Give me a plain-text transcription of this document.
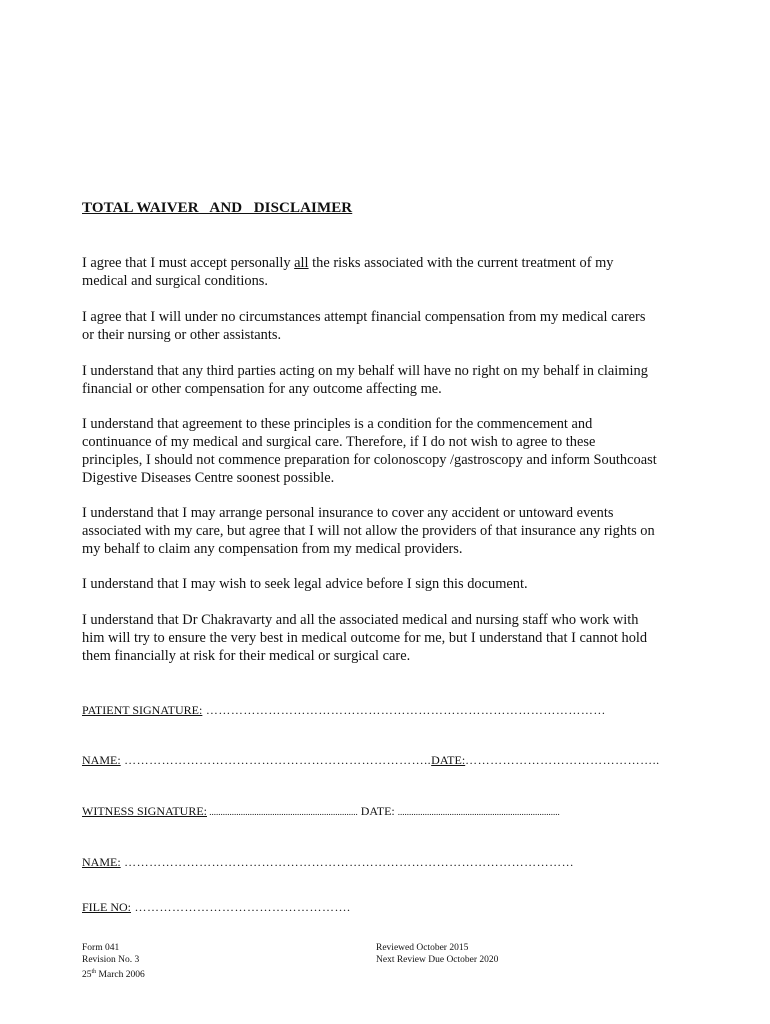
TOTAL WAIVER   AND   DISCLAIMER
I agree that I must accept personally all the risks associated with the current treatment of my
medical and surgical conditions.
I agree that I will under no circumstances attempt financial compensation from my medical carers
or their nursing or other assistants.
I understand that any third parties acting on my behalf will have no right on my behalf in claiming
financial or other compensation for any outcome affecting me.
I understand that agreement to these principles is a condition for the commencement and
continuance of my medical and surgical care. Therefore, if I do not wish to agree to these
principles, I should not commence preparation for colonoscopy /gastroscopy and inform Southcoast
Digestive Diseases Centre soonest possible.
I understand that I may arrange personal insurance to cover any accident or untoward events
associated with my care, but agree that I will not allow the providers of that insurance any rights on
my behalf to claim any compensation from my medical providers.
I understand that I may wish to seek legal advice before I sign this document.
I understand that Dr Chakravarty and all the associated medical and nursing staff who work with
him will try to ensure the very best in medical outcome for me, but I understand that I cannot hold
them financially at risk for their medical or surgical care.
PATIENT SIGNATURE: ……………………………………………………………………………………
NAME: ………………………………………………………………..DATE:………………………………………..
WITNESS SIGNATURE: .................................................................. DATE: ........................................................................
NAME: ………………………………………………………………………………………………
FILE NO: …………………………………………….
Form 041
Revision No. 3
25th March 2006
Reviewed October 2015
Next Review Due October 2020
